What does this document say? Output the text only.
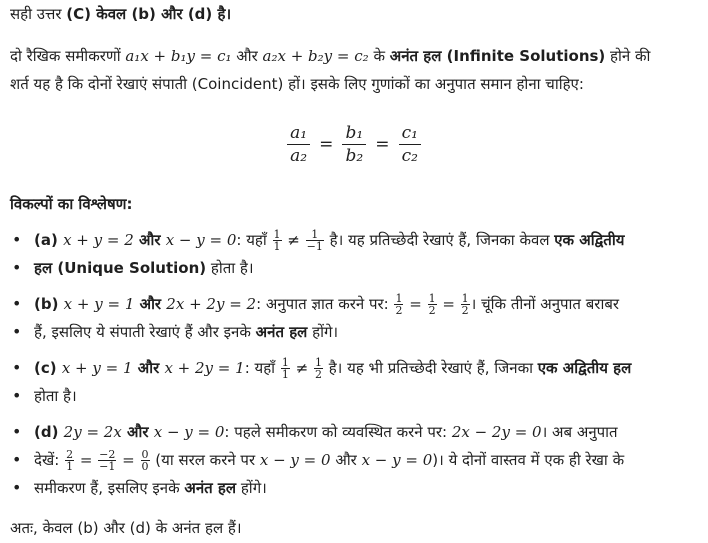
सही उत्तर (C) केवल (b) और (d) है।
दो रैखिक समीकरणों a₁x + b₁y = c₁ और a₂x + b₂y = c₂ के अनंत हल (Infinite Solutions) होने की
शर्त यह है कि दोनों रेखाएं संपाती (Coincident) हों। इसके लिए गुणांकों का अनुपात समान होना चाहिए:
$\frac{\text{a₁}}{\text{a₂}} = \frac{\text{b₁}}{\text{b₂}} = \frac{\text{c₁}}{\text{c₂}}$
विकल्पों का विश्लेषण:
• (a) x + y = 2 और x − y = 0: यहाँ $\frac{1}{1} \ne \frac{1}{-1}$ है। यह प्रतिच्छेदी रेखाएं हैं, जिनका केवल एक अद्वितीय
• हल (Unique Solution) होता है।
• (b) x + y = 1 और 2x + 2y = 2: अनुपात ज्ञात करने पर: $\frac{1}{2} = \frac{1}{2} = \frac{1}{2}$ । चूंकि तीनों अनुपात बराबर
• हैं, इसलिए ये संपाती रेखाएं हैं और इनके अनंत हल होंगे।
• (c) x + y = 1 और x + 2y = 1: यहाँ $\frac{1}{1} \ne \frac{1}{2}$ है। यह भी प्रतिच्छेदी रेखाएं हैं, जिनका एक अद्वितीय हल
• होता है।
• (d) 2y = 2x और x − y = 0: पहले समीकरण को व्यवस्थित करने पर: 2x − 2y = 0। अब अनुपात
• देखें: $\frac{2}{1} = \frac{-2}{-1} = \frac{0}{0}$ (या सरल करने पर x − y = 0 और x − y = 0)। ये दोनों वास्तव में एक ही रेखा के
• समीकरण हैं, इसलिए इनके अनंत हल होंगे।
अतः, केवल (b) और (d) के अनंत हल हैं।
